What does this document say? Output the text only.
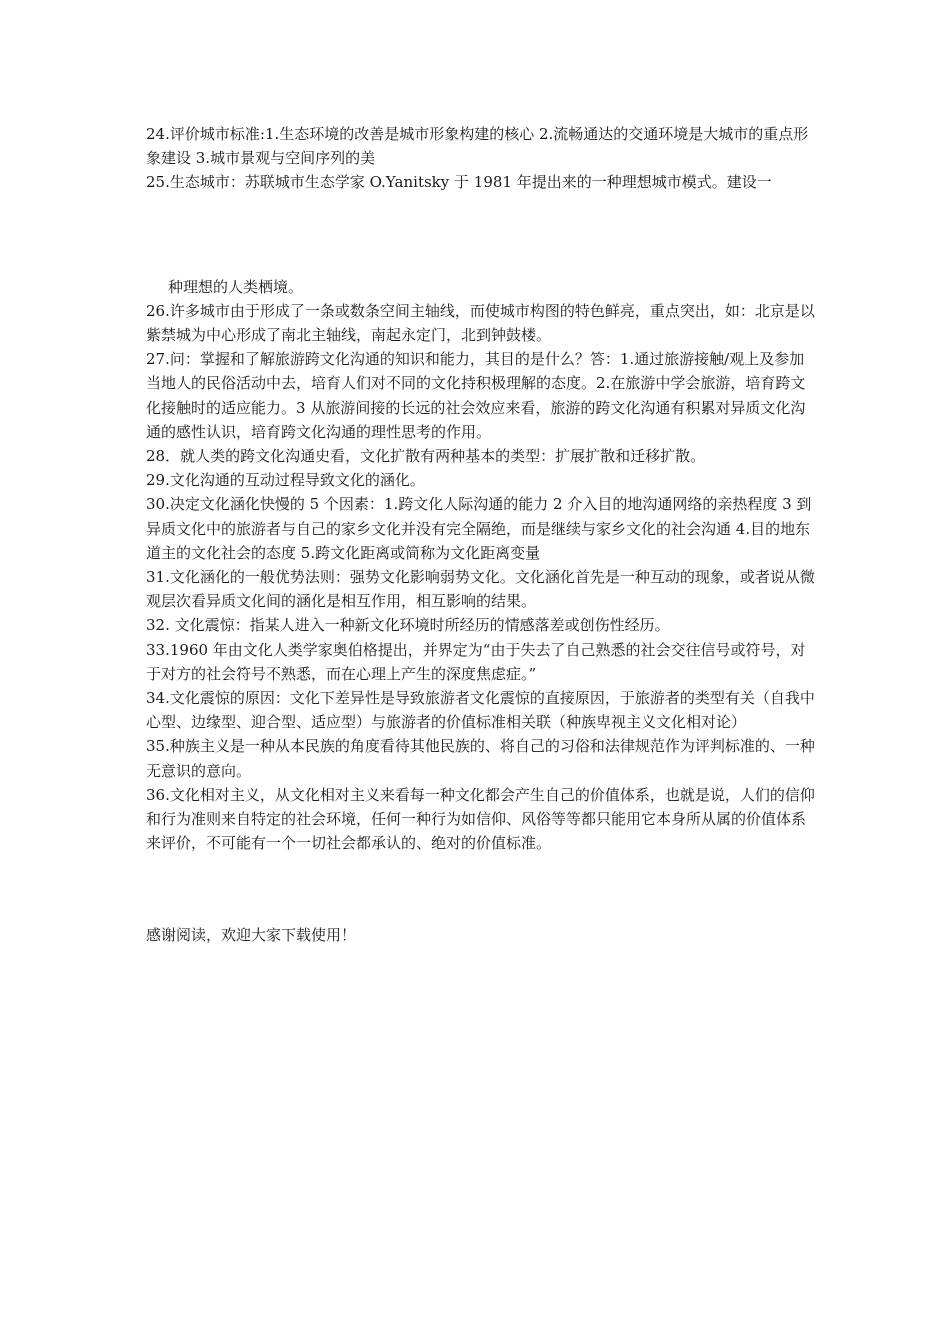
24.评价城市标准:1.生态环境的改善是城市形象构建的核心 2.流畅通达的交通环境是大城市的重点形象建设 3.城市景观与空间序列的美

25.生态城市：苏联城市生态学家 O.Yanitsky 于 1981 年提出来的一种理想城市模式。建设一

种理想的人类栖境。

26.许多城市由于形成了一条或数条空间主轴线，而使城市构图的特色鲜亮，重点突出，如：北京是以紫禁城为中心形成了南北主轴线，南起永定门，北到钟鼓楼。

27.问：掌握和了解旅游跨文化沟通的知识和能力，其目的是什么？答：1.通过旅游接触/观上及参加当地人的民俗活动中去，培育人们对不同的文化持积极理解的态度。2.在旅游中学会旅游，培育跨文化接触时的适应能力。3 从旅游间接的长远的社会效应来看，旅游的跨文化沟通有积累对异质文化沟通的感性认识，培育跨文化沟通的理性思考的作用。

28．就人类的跨文化沟通史看，文化扩散有两种基本的类型：扩展扩散和迁移扩散。

29.文化沟通的互动过程导致文化的涵化。

30.决定文化涵化快慢的 5 个因素：1.跨文化人际沟通的能力 2 介入目的地沟通网络的亲热程度 3 到异质文化中的旅游者与自己的家乡文化并没有完全隔绝，而是继续与家乡文化的社会沟通 4.目的地东道主的文化社会的态度 5.跨文化距离或简称为文化距离变量

31.文化涵化的一般优势法则：强势文化影响弱势文化。文化涵化首先是一种互动的现象，或者说从微观层次看异质文化间的涵化是相互作用，相互影响的结果。

32. 文化震惊：指某人进入一种新文化环境时所经历的情感落差或创伤性经历。

33.1960 年由文化人类学家奥伯格提出，并界定为“由于失去了自己熟悉的社会交往信号或符号，对于对方的社会符号不熟悉，而在心理上产生的深度焦虑症。”

34.文化震惊的原因：文化下差异性是导致旅游者文化震惊的直接原因，于旅游者的类型有关（自我中心型、边缘型、迎合型、适应型）与旅游者的价值标准相关联（种族卑视主义文化相对论）

35.种族主义是一种从本民族的角度看待其他民族的、将自己的习俗和法律规范作为评判标准的、一种无意识的意向。

36.文化相对主义，从文化相对主义来看每一种文化都会产生自己的价值体系，也就是说，人们的信仰和行为准则来自特定的社会环境，任何一种行为如信仰、风俗等等都只能用它本身所从属的价值体系来评价，不可能有一个一切社会都承认的、绝对的价值标准。

感谢阅读，欢迎大家下载使用！
